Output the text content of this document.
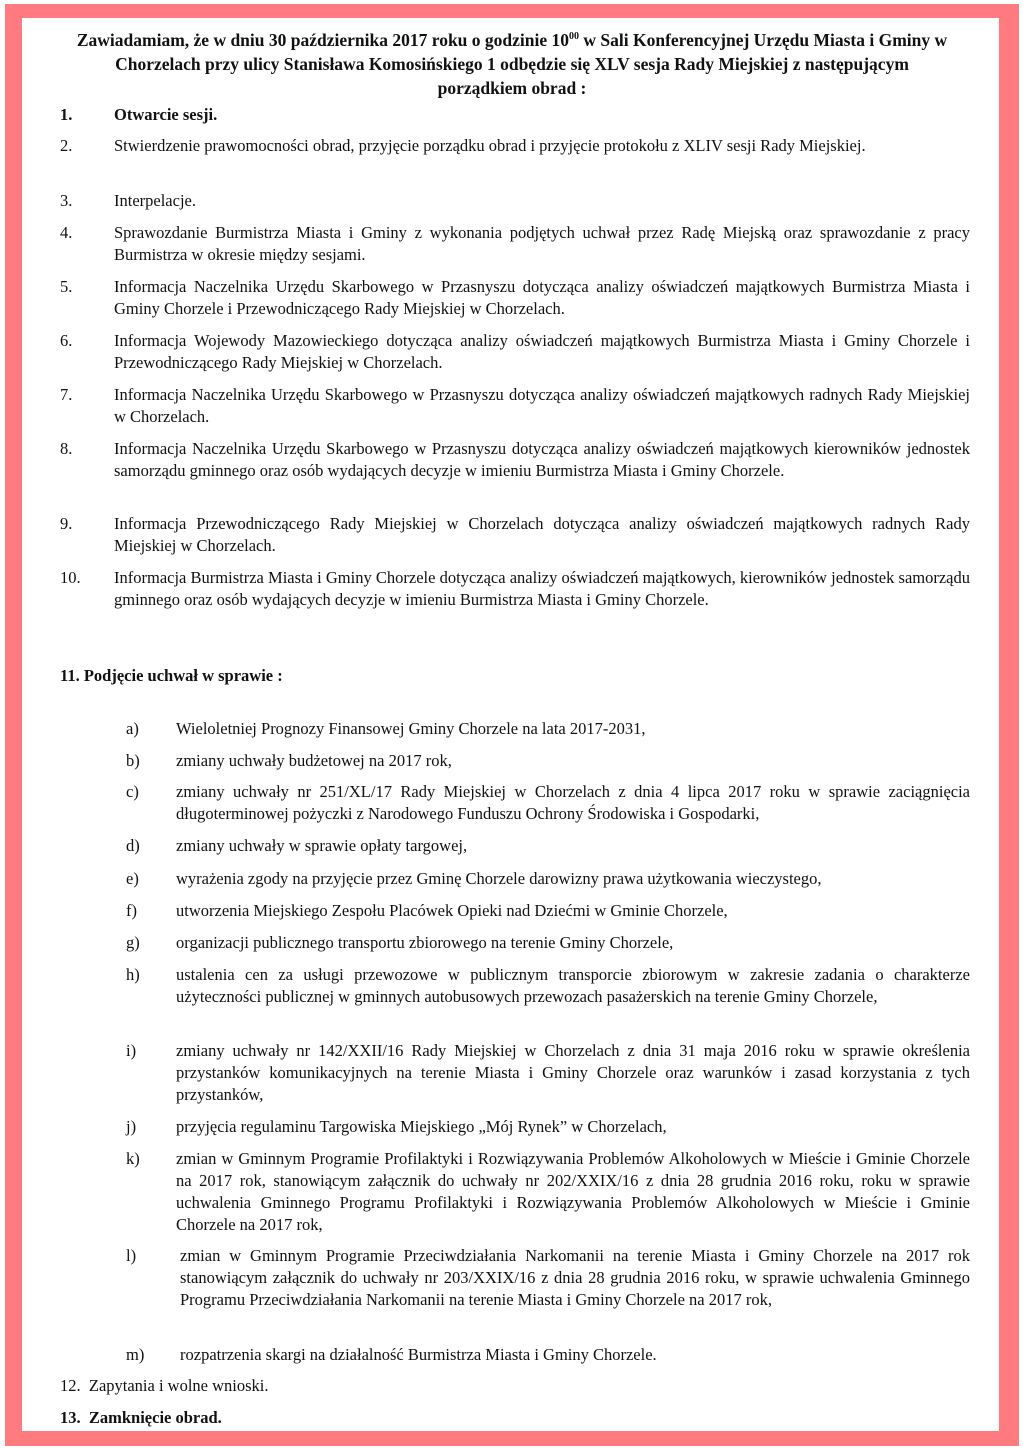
Zawiadamiam, że w dniu 30 października 2017 roku o godzinie $10^{00}$ w Sali Konferencyjnej Urzędu Miasta i Gminy w Chorzelach przy ulicy Stanisława Komosińskiego 1 odbędzie się XLV sesja Rady Miejskiej z następującym porządkiem obrad :
1.	Otwarcie sesji.
2.	Stwierdzenie prawomocności obrad, przyjęcie porządku obrad i przyjęcie protokołu z XLIV sesji Rady Miejskiej.
3.	Interpelacje.
4.	Sprawozdanie Burmistrza Miasta i Gminy z wykonania podjętych uchwał przez Radę Miejską oraz sprawozdanie z pracy Burmistrza w okresie między sesjami.
5.	Informacja Naczelnika Urzędu Skarbowego w Przasnyszu dotycząca analizy oświadczeń majątkowych Burmistrza Miasta i Gminy Chorzele i Przewodniczącego Rady Miejskiej w Chorzelach.
6.	Informacja Wojewody Mazowieckiego dotycząca analizy oświadczeń majątkowych Burmistrza Miasta i Gminy Chorzele i Przewodniczącego Rady Miejskiej w Chorzelach.
7.	Informacja Naczelnika Urzędu Skarbowego w Przasnyszu dotycząca analizy oświadczeń majątkowych radnych Rady Miejskiej w Chorzelach.
8.	Informacja Naczelnika Urzędu Skarbowego w Przasnyszu dotycząca analizy oświadczeń majątkowych kierowników jednostek samorządu gminnego oraz osób wydających decyzje w imieniu Burmistrza Miasta i Gminy Chorzele.
9.	Informacja Przewodniczącego Rady Miejskiej w Chorzelach dotycząca analizy oświadczeń majątkowych radnych Rady Miejskiej w Chorzelach.
10. Informacja Burmistrza Miasta i Gminy Chorzele dotycząca analizy oświadczeń majątkowych, kierowników jednostek samorządu gminnego oraz osób wydających decyzje w imieniu Burmistrza Miasta i Gminy Chorzele.
11. Podjęcie uchwał w sprawie :
a) Wieloletniej Prognozy Finansowej Gminy Chorzele na lata 2017-2031,
b) zmiany uchwały budżetowej na 2017 rok,
c) zmiany uchwały nr 251/XL/17 Rady Miejskiej w Chorzelach z dnia 4 lipca 2017 roku w sprawie zaciągnięcia długoterminowej pożyczki z Narodowego Funduszu Ochrony Środowiska i Gospodarki,
d) zmiany uchwały w sprawie opłaty targowej,
e) wyrażenia zgody na przyjęcie przez Gminę Chorzele darowizny prawa użytkowania wieczystego,
f) utworzenia Miejskiego Zespołu Placówek Opieki nad Dziećmi w Gminie Chorzele,
g) organizacji publicznego transportu zbiorowego na terenie Gminy Chorzele,
h) ustalenia cen za usługi przewozowe w publicznym transporcie zbiorowym w zakresie zadania o charakterze użyteczności publicznej w gminnych autobusowych przewozach pasażerskich na terenie Gminy Chorzele,
i) zmiany uchwały nr 142/XXII/16 Rady Miejskiej w Chorzelach z dnia 31 maja 2016 roku w sprawie określenia przystanków komunikacyjnych na terenie Miasta i Gminy Chorzele oraz warunków i zasad korzystania z tych przystanków,
j) przyjęcia regulaminu Targowiska Miejskiego „Mój Rynek” w Chorzelach,
k) zmian w Gminnym Programie Profilaktyki i Rozwiązywania Problemów Alkoholowych w Mieście i Gminie Chorzele na 2017 rok, stanowiącym załącznik do uchwały nr 202/XXIX/16 z dnia 28 grudnia 2016 roku, roku w sprawie uchwalenia Gminnego Programu Profilaktyki i Rozwiązywania Problemów Alkoholowych w Mieście i Gminie Chorzele na 2017 rok,
l)	zmian w Gminnym Programie Przeciwdziałania Narkomanii na terenie Miasta i Gminy Chorzele na 2017 rok stanowiącym załącznik do uchwały nr 203/XXIX/16 z dnia 28 grudnia 2016 roku, w sprawie uchwalenia Gminnego Programu Przeciwdziałania Narkomanii na terenie Miasta i Gminy Chorzele na 2017 rok,
m) rozpatrzenia skargi na działalność Burmistrza Miasta i Gminy Chorzele.
12. Zapytania i wolne wnioski.
13. Zamknięcie obrad.
